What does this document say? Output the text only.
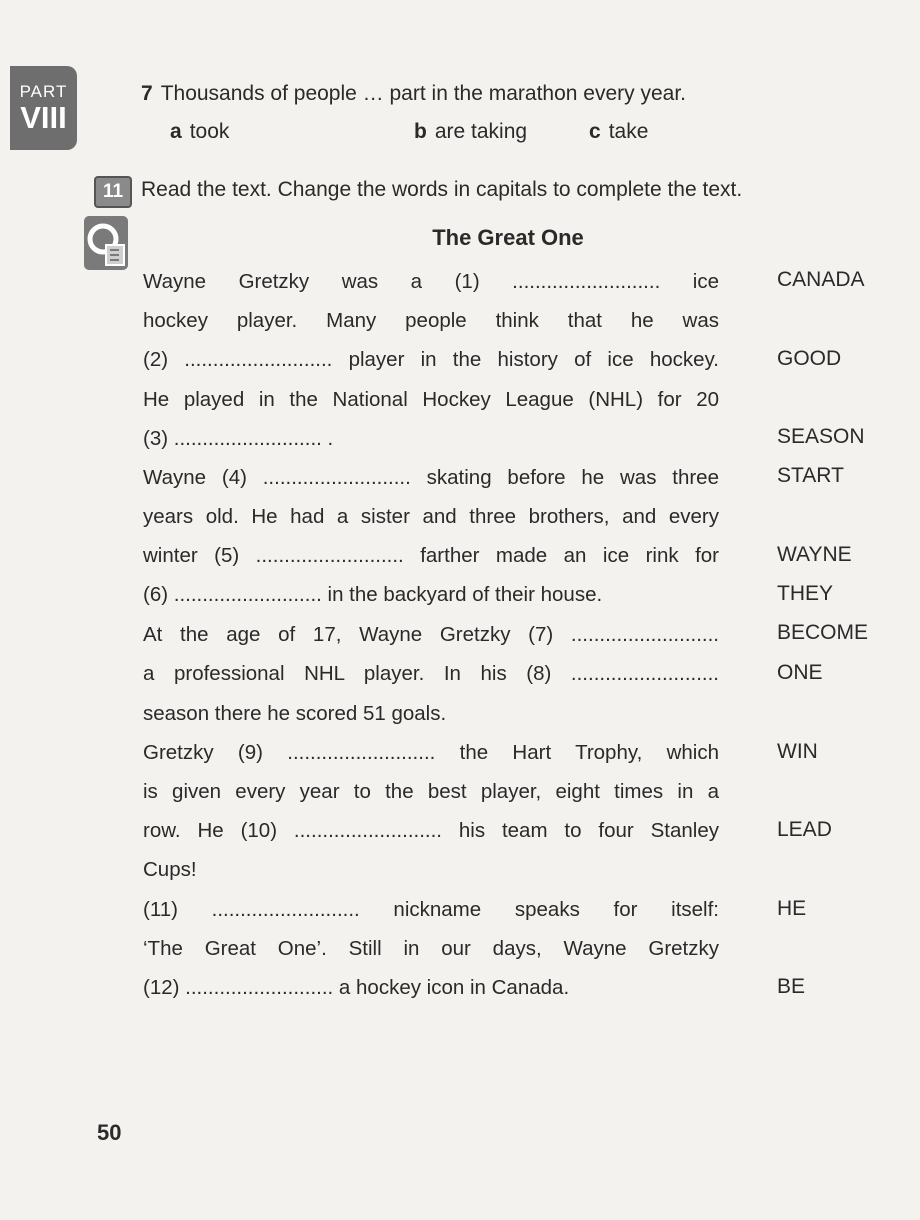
PART
VIII
7 Thousands of people … part in the marathon every year.
a took	b are taking	c take
11 Read the text. Change the words in capitals to complete the text.
The Great One
Wayne Gretzky was a (1) .......................... ice
hockey player. Many people think that he was
(2) .......................... player in the history of ice hockey.
He played in the National Hockey League (NHL) for 20
(3) .......................... .
Wayne (4) .......................... skating before he was three
years old. He had a sister and three brothers, and every
winter (5) .......................... farther made an ice rink for
(6) .......................... in the backyard of their house.
At the age of 17, Wayne Gretzky (7) ..........................
a professional NHL player. In his (8) ..........................
season there he scored 51 goals.
Gretzky (9) .......................... the Hart Trophy, which
is given every year to the best player, eight times in a
row. He (10) .......................... his team to four Stanley
Cups!
(11) .......................... nickname speaks for itself:
‘The Great One’. Still in our days, Wayne Gretzky
(12) .......................... a hockey icon in Canada.
CANADA
GOOD
SEASON
START
WAYNE
THEY
BECOME
ONE
WIN
LEAD
HE
BE
50
